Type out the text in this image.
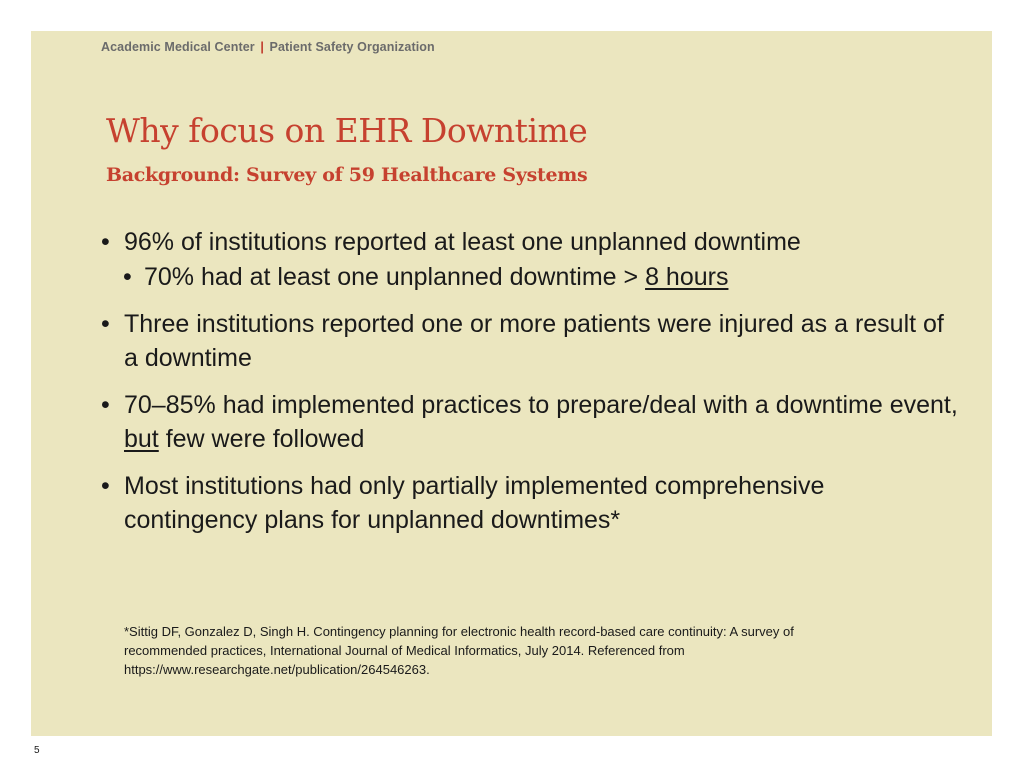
Academic Medical Center | Patient Safety Organization
Why focus on EHR Downtime
Background: Survey of 59 Healthcare Systems
• 96% of institutions reported at least one unplanned downtime
• 70% had at least one unplanned downtime > 8 hours
• Three institutions reported one or more patients were injured as a result of a downtime
• 70–85% had implemented practices to prepare/deal with a downtime event, but few were followed
• Most institutions had only partially implemented comprehensive contingency plans for unplanned downtimes*
*Sittig DF, Gonzalez D, Singh H. Contingency planning for electronic health record-based care continuity: A survey of
recommended practices, International Journal of Medical Informatics, July 2014. Referenced from
https://www.researchgate.net/publication/264546263.
5
